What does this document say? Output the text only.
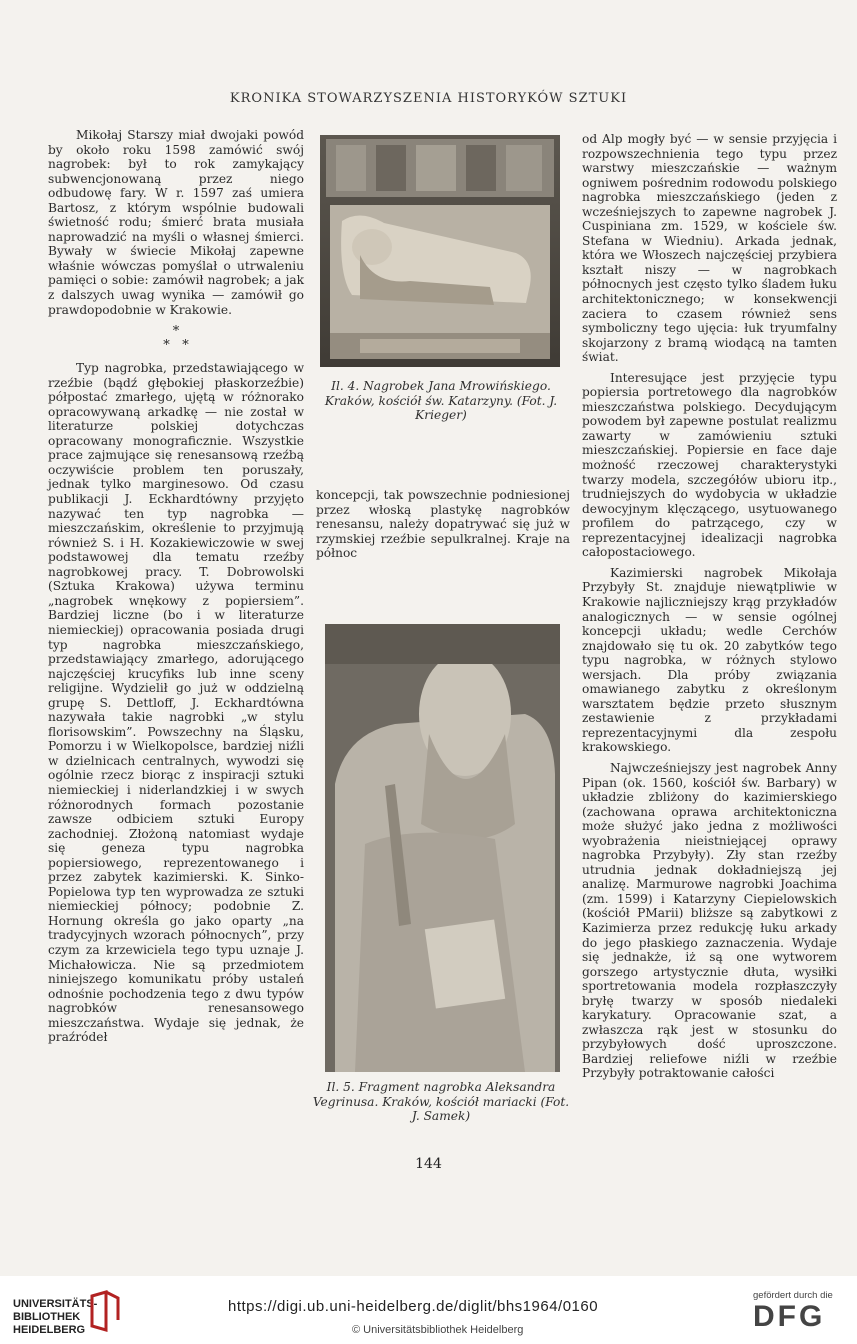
KRONIKA STOWARZYSZENIA HISTORYKÓW SZTUKI

Mikołaj Starszy miał dwojaki powód by około roku 1598 zamówić swój nagrobek: był to rok zamykający subwencjonowaną przez niego odbudowę fary. W r. 1597 zaś umiera Bartosz, z którym wspólnie budowali świetność rodu; śmierć brata musiała naprowadzić na myśli o własnej śmierci. Bywały w świecie Mikołaj zapewne właśnie wówczas pomyślał o utrwaleniu pamięci o sobie: zamówił nagrobek; a jak z dalszych uwag wynika — zamówił go prawdopodobnie w Krakowie.

*
*   *

Typ nagrobka, przedstawiającego w rzeźbie (bądź głębokiej płaskorzeźbie) półpostać zmarłego, ujętą w różnorako opracowywaną arkadkę — nie został w literaturze polskiej dotychczas opracowany monograficznie. Wszystkie prace zajmujące się renesansową rzeźbą oczywiście problem ten poruszały, jednak tylko marginesowo. Od czasu publikacji J. Eckhardtówny przyjęto nazywać ten typ nagrobka — mieszczańskim, określenie to przyjmują również S. i H. Kozakiewiczowie w swej podstawowej dla tematu rzeźby nagrobkowej pracy. T. Dobrowolski (Sztuka Krakowa) używa terminu „nagrobek wnękowy z popiersiem”. Bardziej liczne (bo i w literaturze niemieckiej) opracowania posiada drugi typ nagrobka mieszczańskiego, przedstawiający zmarłego, adorującego najczęściej krucyfiks lub inne sceny religijne. Wydzielił go już w oddzielną grupę S. Dettloff, J. Eckhardtówna nazywała takie nagrobki „w stylu florisowskim”. Powszechny na Śląsku, Pomorzu i w Wielkopolsce, bardziej niźli w dzielnicach centralnych, wywodzi się ogólnie rzecz biorąc z inspiracji sztuki niemieckiej i niderlandzkiej i w swych różnorodnych formach pozostanie zawsze odbiciem sztuki Europy zachodniej. Złożoną natomiast wydaje się geneza typu nagrobka popiersiowego, reprezentowanego i przez zabytek kazimierski. K. Sinko-Popielowa typ ten wyprowadza ze sztuki niemieckiej północy; podobnie Z. Hornung określa go jako oparty „na tradycyjnych wzorach północnych”, przy czym za krzewiciela tego typu uznaje J. Michałowicza. Nie są przedmiotem niniejszego komunikatu próby ustaleń odnośnie pochodzenia tego z dwu typów nagrobków renesansowego mieszczaństwa. Wydaje się jednak, że praźródeł

Il. 4. Nagrobek Jana Mrowińskiego. Kraków, kościół św. Katarzyny. (Fot. J. Krieger)

koncepcji, tak powszechnie podniesionej przez włoską plastykę nagrobków renesansu, należy dopatrywać się już w rzymskiej rzeźbie sepulkralnej. Kraje na północ

Il. 5. Fragment nagrobka Aleksandra Vegrinusa. Kraków, kościół mariacki (Fot. J. Samek)

od Alp mogły być — w sensie przyjęcia i rozpowszechnienia tego typu przez warstwy mieszczańskie — ważnym ogniwem pośrednim rodowodu polskiego nagrobka mieszczańskiego (jeden z wcześniejszych to zapewne nagrobek J. Cuspiniana zm. 1529, w kościele św. Stefana w Wiedniu). Arkada jednak, która we Włoszech najczęściej przybiera kształt niszy — w nagrobkach północnych jest często tylko śladem łuku architektonicznego; w konsekwencji zaciera to czasem również sens symboliczny tego ujęcia: łuk tryumfalny skojarzony z bramą wiodącą na tamten świat.

Interesujące jest przyjęcie typu popiersia portretowego dla nagrobków mieszczaństwa polskiego. Decydującym powodem był zapewne postulat realizmu zawarty w zamówieniu sztuki mieszczańskiej. Popiersie en face daje możność rzeczowej charakterystyki twarzy modela, szczegółów ubioru itp., trudniejszych do wydobycia w układzie dewocyjnym klęczącego, usytuowanego profilem do patrzącego, czy w reprezentacyjnej idealizacji nagrobka całopostaciowego.

Kazimierski nagrobek Mikołaja Przybyły St. znajduje niewątpliwie w Krakowie najliczniejszy krąg przykładów analogicznych — w sensie ogólnej koncepcji układu; wedle Cerchów znajdowało się tu ok. 20 zabytków tego typu nagrobka, w różnych stylowo wersjach. Dla próby związania omawianego zabytku z określonym warsztatem będzie przeto słusznym zestawienie z przykładami reprezentacyjnymi dla zespołu krakowskiego.

Najwcześniejszy jest nagrobek Anny Pipan (ok. 1560, kościół św. Barbary) w układzie zbliżony do kazimierskiego (zachowana oprawa architektoniczna może służyć jako jedna z możliwości wyobrażenia nieistniejącej oprawy nagrobka Przybyły). Zły stan rzeźby utrudnia jednak dokładniejszą jej analizę. Marmurowe nagrobki Joachima (zm. 1599) i Katarzyny Ciepielowskich (kościół PMarii) bliższe są zabytkowi z Kazimierza przez redukcję łuku arkady do jego płaskiego zaznaczenia. Wydaje się jednakże, iż są one wytworem gorszego artystycznie dłuta, wysiłki sportretowania modela rozpłaszczyły bryłę twarzy w sposób niedaleki karykatury. Opracowanie szat, a zwłaszcza rąk jest w stosunku do przybyłowych dość uproszczone. Bardziej reliefowe niźli w rzeźbie Przybyły potraktowanie całości

144
UNIVERSITÄTS-
BIBLIOTHEK
HEIDELBERG
https://digi.ub.uni-heidelberg.de/diglit/bhs1964/0160
© Universitätsbibliothek Heidelberg
gefördert durch die
DFG
